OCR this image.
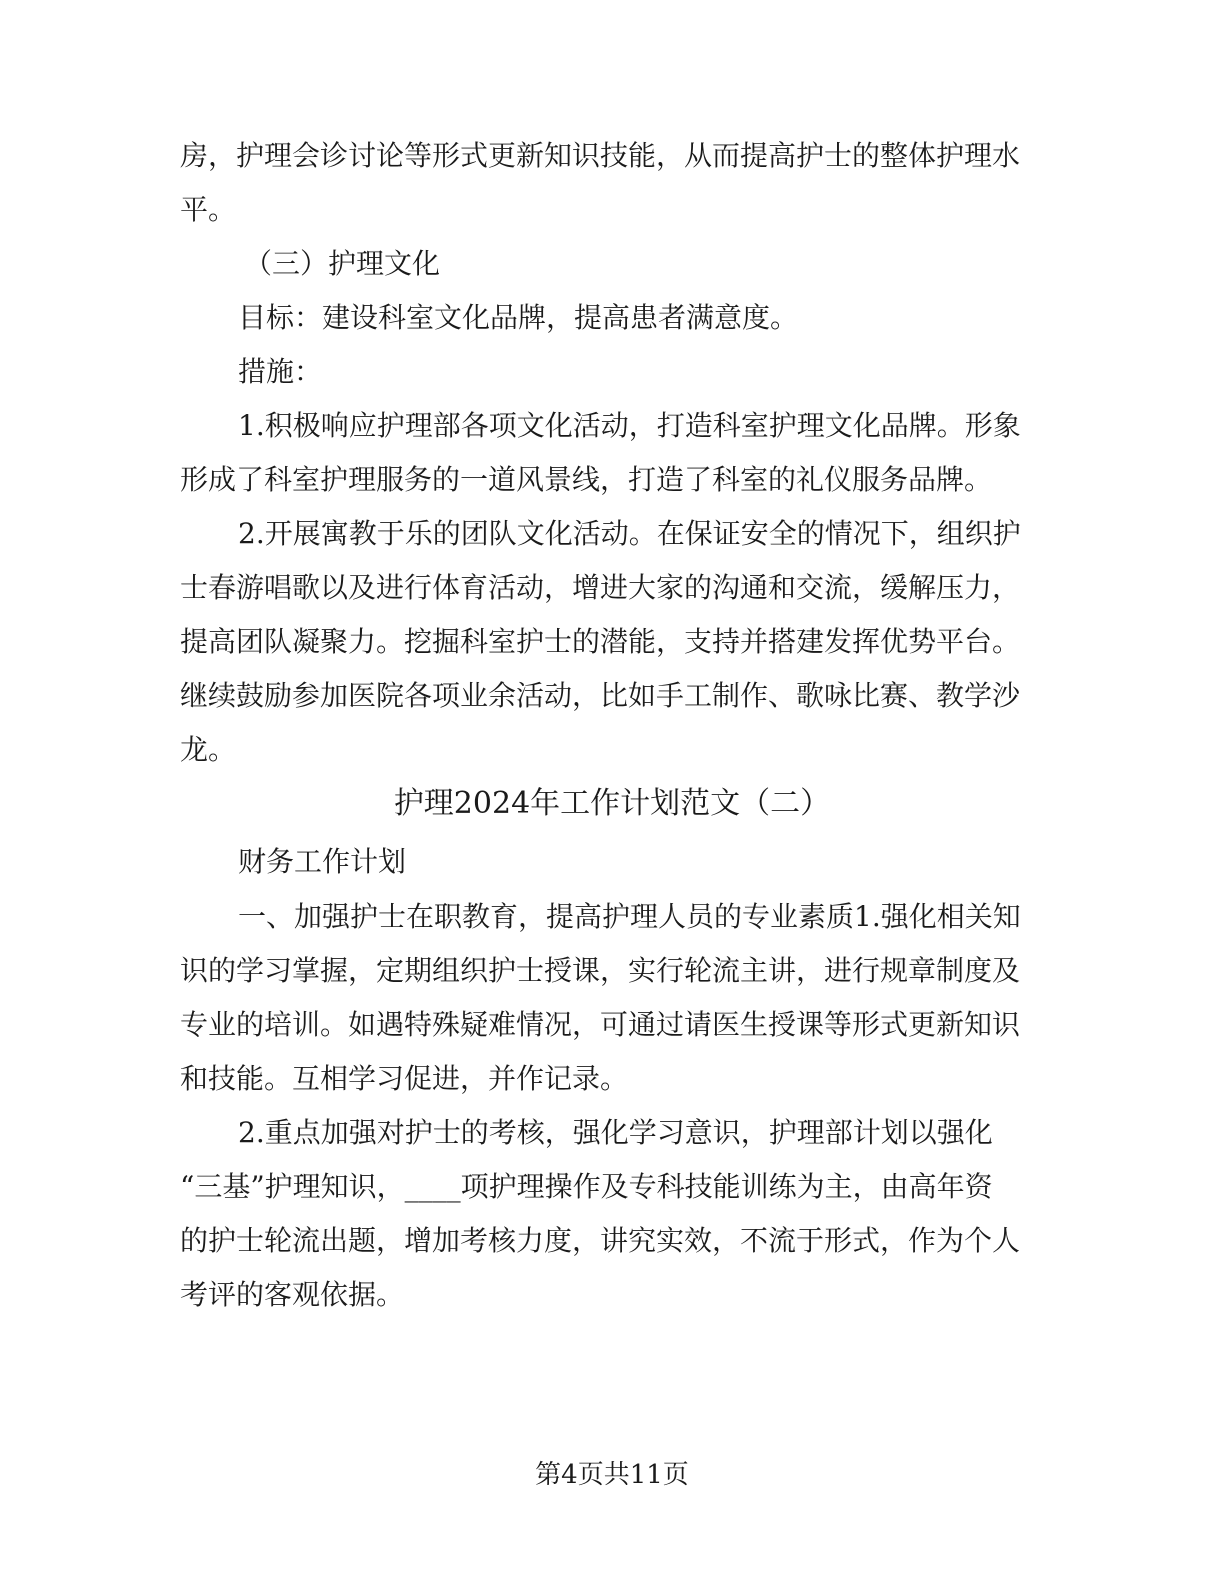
房，护理会诊讨论等形式更新知识技能，从而提高护士的整体护理水
平。
（三）护理文化
目标：建设科室文化品牌，提高患者满意度。
措施：
1.积极响应护理部各项文化活动，打造科室护理文化品牌。形象
形成了科室护理服务的一道风景线，打造了科室的礼仪服务品牌。
2.开展寓教于乐的团队文化活动。在保证安全的情况下，组织护
士春游唱歌以及进行体育活动，增进大家的沟通和交流，缓解压力，
提高团队凝聚力。挖掘科室护士的潜能，支持并搭建发挥优势平台。
继续鼓励参加医院各项业余活动，比如手工制作、歌咏比赛、教学沙
龙。
护理2024年工作计划范文（二）
财务工作计划
一、加强护士在职教育，提高护理人员的专业素质1.强化相关知
识的学习掌握，定期组织护士授课，实行轮流主讲，进行规章制度及
专业的培训。如遇特殊疑难情况，可通过请医生授课等形式更新知识
和技能。互相学习促进，并作记录。
2.重点加强对护士的考核，强化学习意识，护理部计划以强化
“三基”护理知识，____项护理操作及专科技能训练为主，由高年资
的护士轮流出题，增加考核力度，讲究实效，不流于形式，作为个人
考评的客观依据。
第4页共11页
